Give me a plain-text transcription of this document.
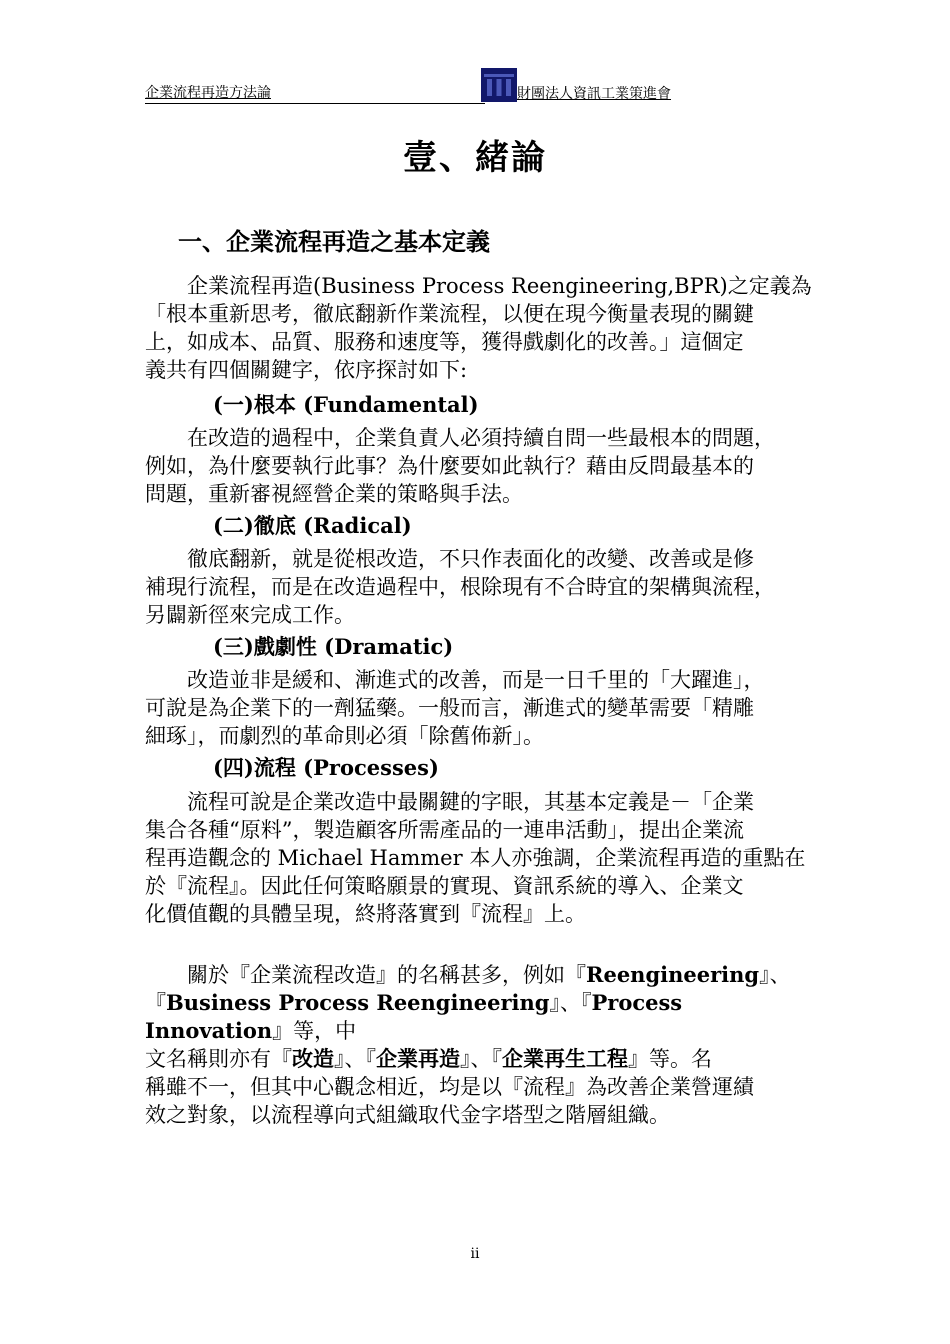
企業流程再造方法論	財團法人資訊工業策進會
壹、緒論
一、企業流程再造之基本定義
企業流程再造(Business Process Reengineering,BPR)之定義為
「根本重新思考，徹底翻新作業流程，以便在現今衡量表現的關鍵
上，如成本、品質、服務和速度等，獲得戲劇化的改善。」這個定
義共有四個關鍵字，依序探討如下:
(一)根本 (Fundamental)
在改造的過程中，企業負責人必須持續自問一些最根本的問題，
例如，為什麼要執行此事？為什麼要如此執行？藉由反問最基本的
問題，重新審視經營企業的策略與手法。
(二)徹底 (Radical)
徹底翻新，就是從根改造，不只作表面化的改變、改善或是修
補現行流程，而是在改造過程中，根除現有不合時宜的架構與流程，
另闢新徑來完成工作。
(三)戲劇性 (Dramatic)
改造並非是緩和、漸進式的改善，而是一日千里的「大躍進」，
可說是為企業下的一劑猛藥。一般而言，漸進式的變革需要「精雕
細琢」，而劇烈的革命則必須「除舊佈新」。
(四)流程 (Processes)
流程可說是企業改造中最關鍵的字眼，其基本定義是－「企業
集合各種“原料”，製造顧客所需產品的一連串活動」，提出企業流
程再造觀念的 Michael Hammer 本人亦強調，企業流程再造的重點在
於『流程』。因此任何策略願景的實現、資訊系統的導入、企業文
化價值觀的具體呈現，終將落實到『流程』上。
關於『企業流程改造』的名稱甚多，例如『Reengineering』、
『Business Process Reengineering』、『Process Innovation』等，中
文名稱則亦有『改造』、『企業再造』、『企業再生工程』等。名
稱雖不一，但其中心觀念相近，均是以『流程』為改善企業營運績
效之對象，以流程導向式組織取代金字塔型之階層組織。
ii
